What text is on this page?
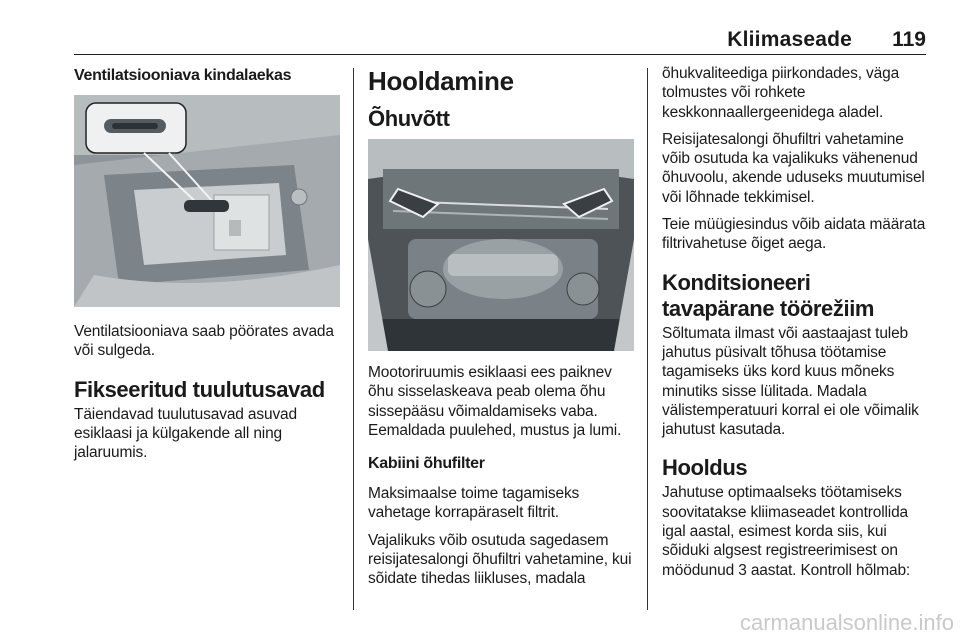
Kliimaseade 119
Ventilatsiooniava kindalaekas

Ventilatsiooniava saab pöörates avada või sulgeda.

Fikseeritud tuulutusavad

Täiendavad tuulutusavad asuvad esiklaasi ja külgakende all ning jalaruumis.

Hooldamine
Õhuvõtt

Mootoriruumis esiklaasi ees paiknev õhu sisselaskeava peab olema õhu sissepääsu võimaldamiseks vaba. Eemaldada puulehed, mustus ja lumi.

Kabiini õhufilter

Maksimaalse toime tagamiseks vahetage korrapäraselt filtrit.

Vajalikuks võib osutuda sagedasem reisijatesalongi õhufiltri vahetamine, kui sõidate tihedas liikluses, madala

õhukvaliteediga piirkondades, väga tolmustes või rohkete keskkonnaallergeenidega aladel.

Reisijatesalongi õhufiltri vahetamine võib osutuda ka vajalikuks vähenenud õhuvoolu, akende uduseks muutumisel või lõhnade tekkimisel.

Teie müügiesindus võib aidata määrata filtrivahetuse õiget aega.

Konditsioneeri tavapärane töörežiim

Sõltumata ilmast või aastaajast tuleb jahutus püsivalt tõhusa töötamise tagamiseks üks kord kuus mõneks minutiks sisse lülitada. Madala välistemperatuuri korral ei ole võimalik jahutust kasutada.

Hooldus

Jahutuse optimaalseks töötamiseks soovitatakse kliimaseadet kontrollida igal aastal, esimest korda siis, kui sõiduki algsest registreerimisest on möödunud 3 aastat. Kontroll hõlmab:

carmanualsonline.info
